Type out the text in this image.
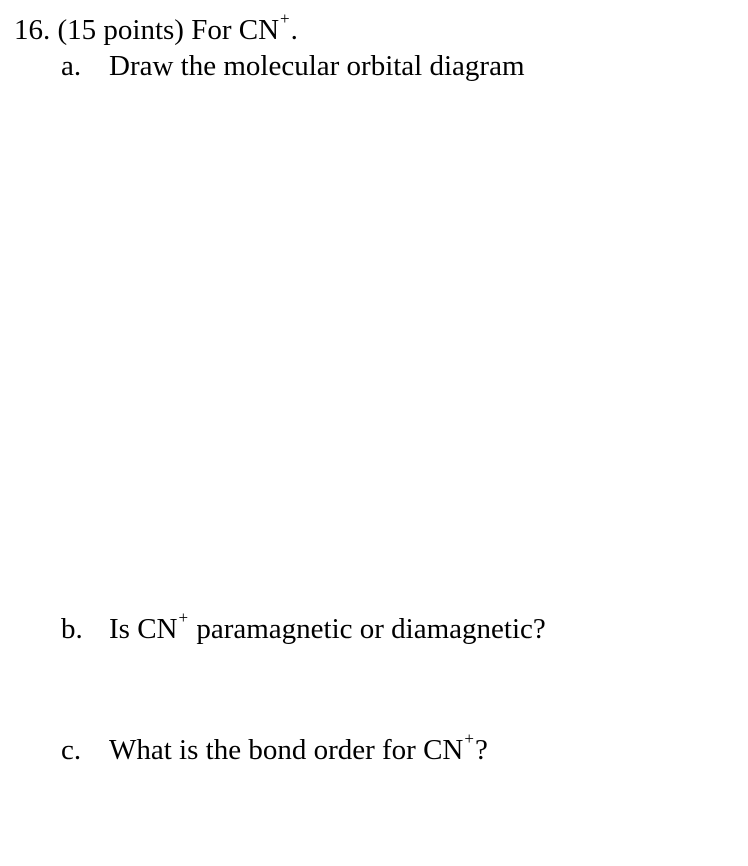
16. (15 points) For CN+.
a. Draw the molecular orbital diagram
b. Is CN+ paramagnetic or diamagnetic?
c. What is the bond order for CN+?
